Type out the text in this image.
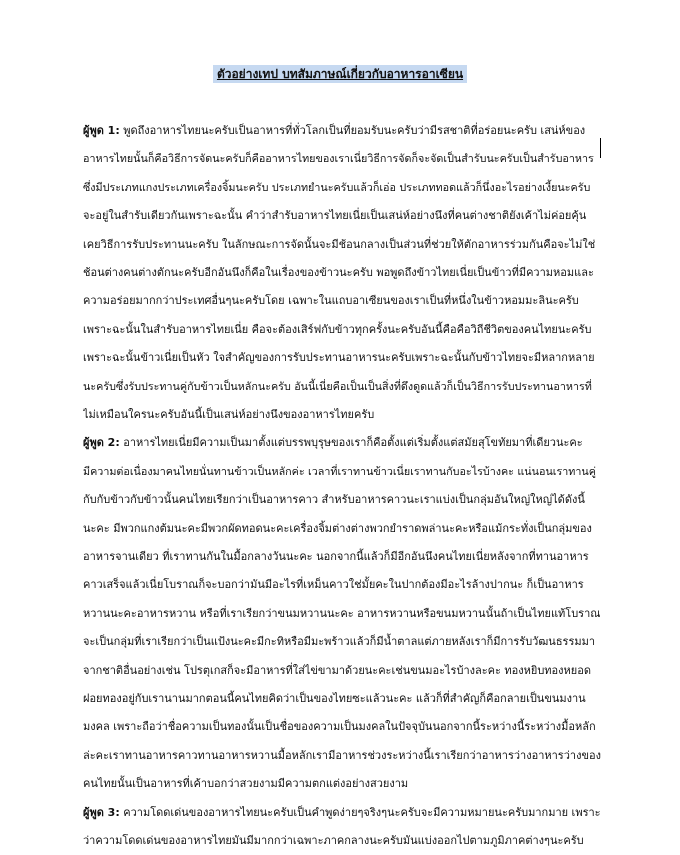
ตัวอย่างเทป บทสัมภาษณ์เกี่ยวกับอาหารอาเซียน
ผู้พูด 1: พูดถึงอาหารไทยนะครับเป็นอาหารที่ทั่วโลกเป็นที่ยอมรับนะครับว่ามีรสชาติที่อร่อยนะครับ เสน่ห์ของ
อาหารไทยนั้นก็คือวิธีการจัดนะครับก็คืออาหารไทยของเราเนี่ยวิธีการจัดก็จะจัดเป็นสำรับนะครับเป็นสำรับอาหาร
ซึ่งมีประเภทแกงประเภทเครื่องจิ้มนะครับ ประเภทยำนะครับแล้วก็เอ่อ ประเภททอดแล้วก็นึ่งอะไรอย่างเงี้ยนะครับ
จะอยู่ในสำรับเดียวกันเพราะฉะนั้น คำว่าสำรับอาหารไทยเนี่ยเป็นเสน่ห์อย่างนึงที่คนต่างชาติยังเค้าไม่ค่อยคุ้น
เคยวิธีการรับประทานนะครับ ในลักษณะการจัดนั้นจะมีช้อนกลางเป็นส่วนที่ช่วยให้ตักอาหารร่วมกันคือจะไม่ใช่
ช้อนต่างคนต่างตักนะครับอีกอันนึงก็คือในเรื่องของข้าวนะครับ พอพูดถึงข้าวไทยเนี่ยเป็นข้าวที่มีความหอมและ
ความอร่อยมากกว่าประเทศอื่นๆนะครับโดย เฉพาะในแถบอาเซียนของเราเป็นที่หนึ่งในข้าวหอมมะลินะครับ
เพราะฉะนั้นในสำรับอาหารไทยเนี่ย คือจะต้องเสิร์ฟกับข้าวทุกครั้งนะครับอันนี้คือคือวิถีชีวิตของคนไทยนะครับ
เพราะฉะนั้นข้าวเนี่ยเป็นหัว ใจสำคัญของการรับประทานอาหารนะครับเพราะฉะนั้นกับข้าวไทยจะมีหลากหลาย
นะครับซึ่งรับประทานคู่กับข้าวเป็นหลักนะครับ อันนี้เนี่ยคือเป็นเป็นสิ่งที่ดึงดูดแล้วก็เป็นวิธีการรับประทานอาหารที่
ไม่เหมือนใครนะครับอันนี้เป็นเสน่ห์อย่างนึงของอาหารไทยครับ
ผู้พูด 2: อาหารไทยเนี่ยมีความเป็นมาตั้งแต่บรรพบุรุษของเราก็คือตั้งแต่เริ่มตั้งแต่สมัยสุโขทัยมาที่เดียวนะคะ
มีความต่อเนื่องมาคนไทยนั่นทานข้าวเป็นหลักค่ะ เวลาที่เราทานข้าวเนี่ยเราทานกับอะไรบ้างคะ แน่นอนเราทานคู่
กับกับข้าวกับข้าวนั้นคนไทยเรียกว่าเป็นอาหารคาว สำหรับอาหารคาวนะเราแบ่งเป็นกลุ่มอันใหญ่ใหญ่ได้ดังนี้
นะคะ มีพวกแกงต้มนะคะมีพวกผัดทอดนะคะเครื่องจิ้มต่างต่างพวกยำราดพล่านะคะหรือแม้กระทั่งเป็นกลุ่มของ
อาหารจานเดียว ที่เราทานกันในมื้อกลางวันนะคะ นอกจากนี้แล้วก็มีอีกอันนึงคนไทยเนี่ยหลังจากที่ทานอาหาร
คาวเสร็จแล้วเนี่ยโบราณก็จะบอกว่ามันมีอะไรที่เหม็นคาวใช่มั้ยคะในปากต้องมีอะไรล้างปากนะ ก็เป็นอาหาร
หวานนะคะอาหารหวาน หรือที่เราเรียกว่าขนมหวานนะคะ อาหารหวานหรือขนมหวานนั้นถ้าเป็นไทยแท้โบราณ
จะเป็นกลุ่มที่เราเรียกว่าเป็นแป้งนะคะมีกะทิหรือมีมะพร้าวแล้วก็มีน้ำตาลแต่ภายหลังเราก็มีการรับวัฒนธรรมมา
จากชาติอื่นอย่างเช่น โปรตุเกสก็จะมีอาหารที่ใส่ไข่ขามาด้วยนะคะเช่นขนมอะไรบ้างละคะ ทองหยิบทองหยอด
ฝอยทองอยู่กับเรานานมากตอนนี้คนไทยคิดว่าเป็นของไทยซะแล้วนะคะ แล้วก็ที่สำคัญก็คือกลายเป็นขนมงาน
มงคล เพราะถือว่าชื่อความเป็นทองนั้นเป็นชื่อของความเป็นมงคลในปัจจุบันนอกจากนี้ระหว่างนี้ระหว่างมื้อหลัก
ล่ะคะเราทานอาหารคาวทานอาหารหวานมื้อหลักเรามีอาหารช่วงระหว่างนี้เราเรียกว่าอาหารว่างอาหารว่างของ
คนไทยนั้นเป็นอาหารที่เค้าบอกว่าสวยงามมีความตกแต่งอย่างสวยงาม
ผู้พูด 3: ความโดดเด่นของอาหารไทยนะครับเป็นคำพูดง่ายๆจริงๆนะครับจะมีความหมายนะครับมากมาย เพราะ
ว่าความโดดเด่นของอาหารไทยมันมีมากกว่าเฉพาะภาคกลางนะครับมันแบ่งออกไปตามภูมิภาคต่างๆนะครับ
